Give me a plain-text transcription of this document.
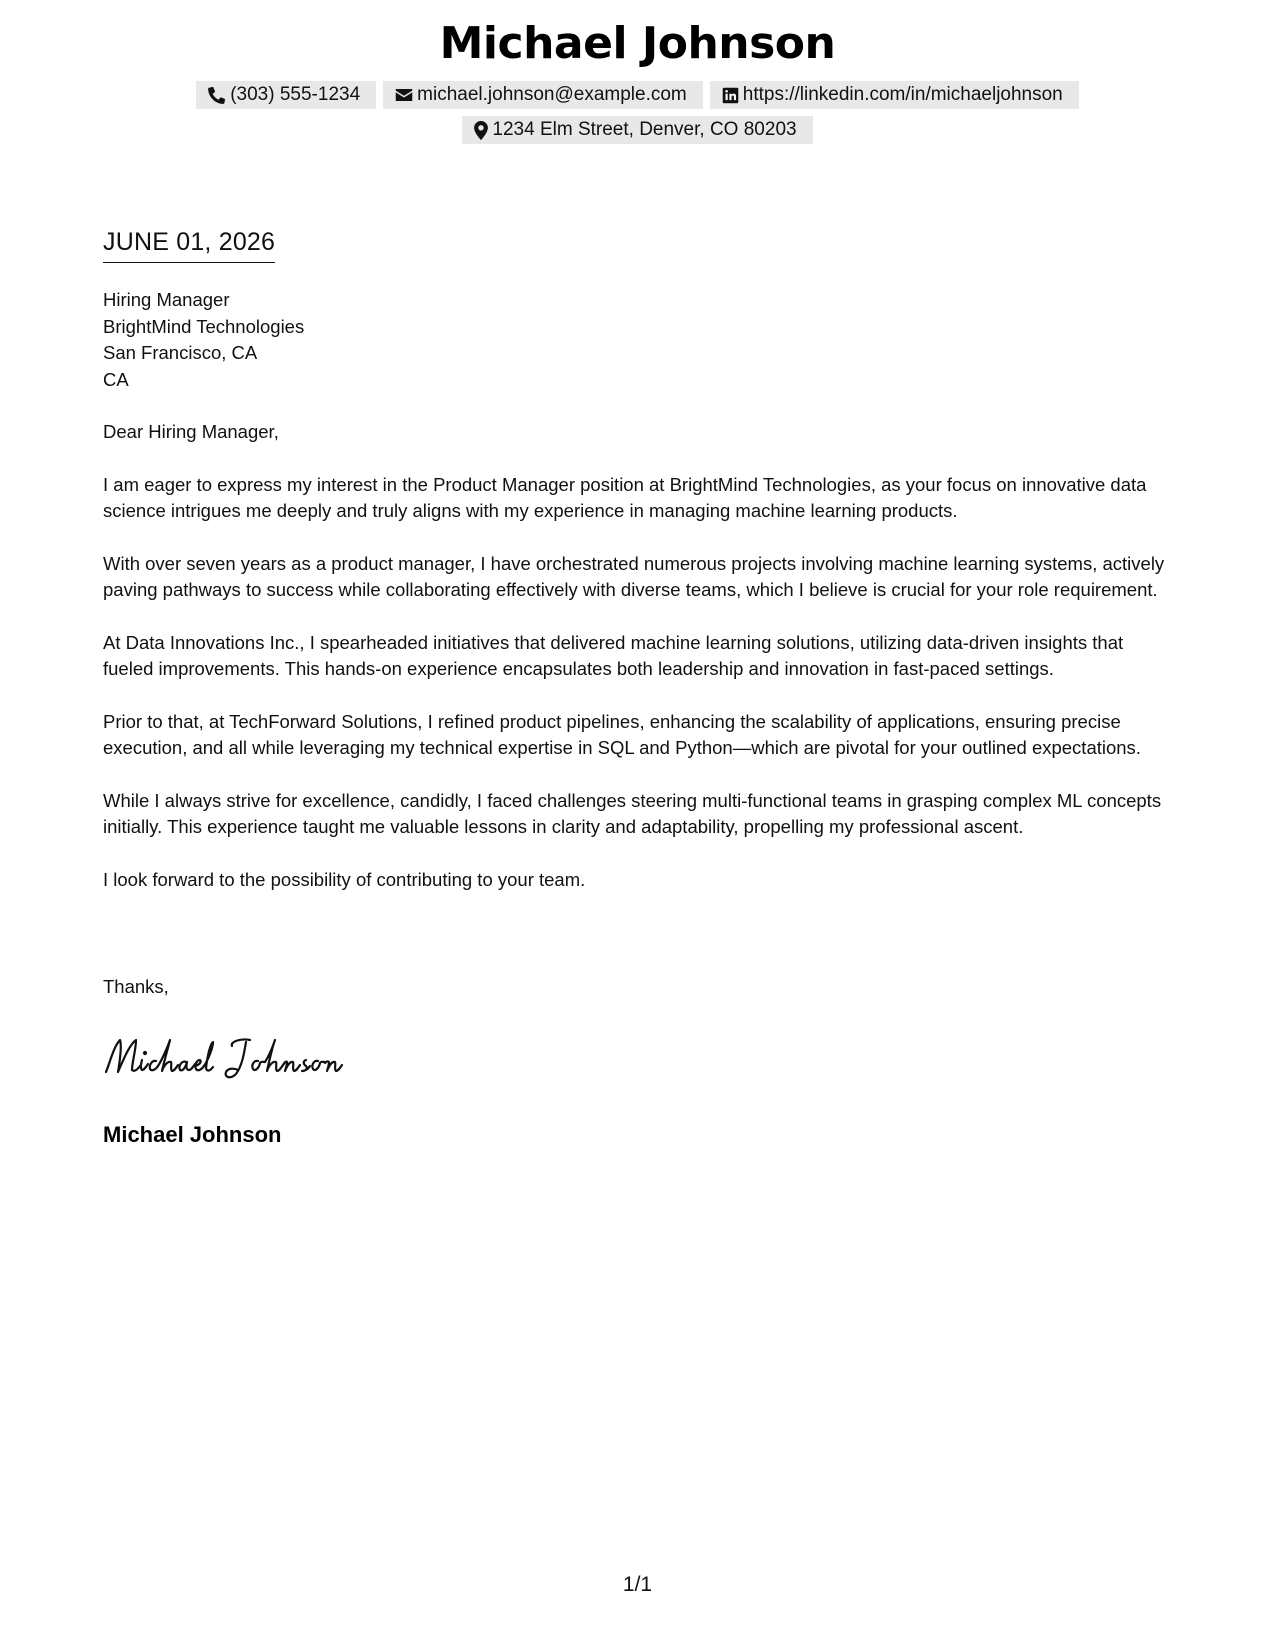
Michael Johnson
(303) 555-1234	michael.johnson@example.com	https://linkedin.com/in/michaeljohnson
1234 Elm Street, Denver, CO 80203
JUNE 01, 2026
Hiring Manager
BrightMind Technologies
San Francisco, CA
CA

Dear Hiring Manager,

I am eager to express my interest in the Product Manager position at BrightMind Technologies, as your focus on innovative data science intrigues me deeply and truly aligns with my experience in managing machine learning products.

With over seven years as a product manager, I have orchestrated numerous projects involving machine learning systems, actively paving pathways to success while collaborating effectively with diverse teams, which I believe is crucial for your role requirement.

At Data Innovations Inc., I spearheaded initiatives that delivered machine learning solutions, utilizing data-driven insights that fueled improvements. This hands-on experience encapsulates both leadership and innovation in fast-paced settings.

Prior to that, at TechForward Solutions, I refined product pipelines, enhancing the scalability of applications, ensuring precise execution, and all while leveraging my technical expertise in SQL and Python—which are pivotal for your outlined expectations.

While I always strive for excellence, candidly, I faced challenges steering multi-functional teams in grasping complex ML concepts initially. This experience taught me valuable lessons in clarity and adaptability, propelling my professional ascent.

I look forward to the possibility of contributing to your team.

Thanks,
Michael Johnson
1/1
